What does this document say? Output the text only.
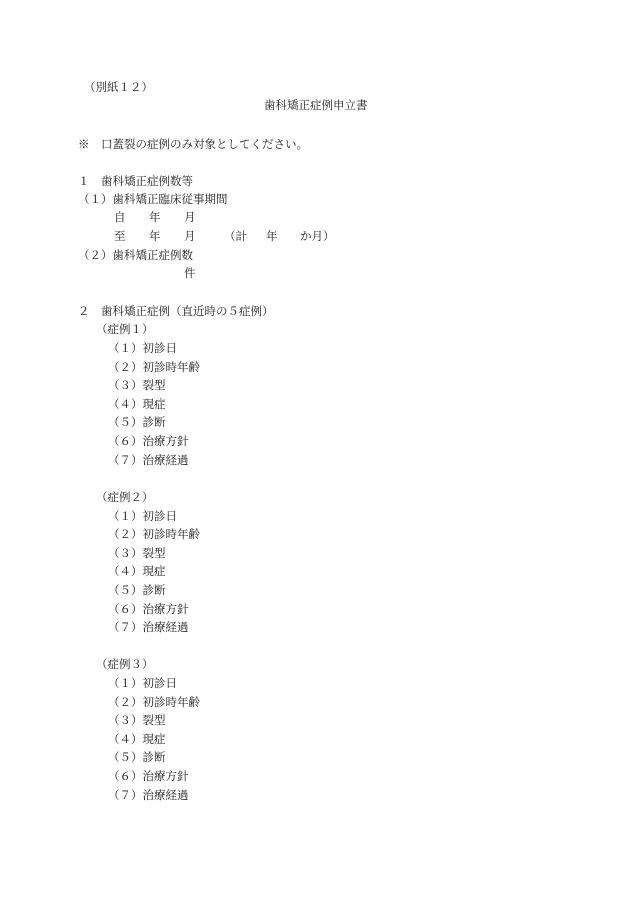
（別紙１２）
歯科矯正症例申立書
※　口蓋裂の症例のみ対象としてください。
１　歯科矯正症例数等
（１）歯科矯正臨床従事期間

自

年

月

至

年

月

（計

年

か月）

（２）歯科矯正症例数
件
２　歯科矯正症例（直近時の５症例）
（症例１）
（１）初診日
（２）初診時年齢
（３）裂型
（４）現症
（５）診断
（６）治療方針
（７）治療経過
（症例２）
（１）初診日
（２）初診時年齢
（３）裂型
（４）現症
（５）診断
（６）治療方針
（７）治療経過
（症例３）
（１）初診日
（２）初診時年齢
（３）裂型
（４）現症
（５）診断
（６）治療方針
（７）治療経過
